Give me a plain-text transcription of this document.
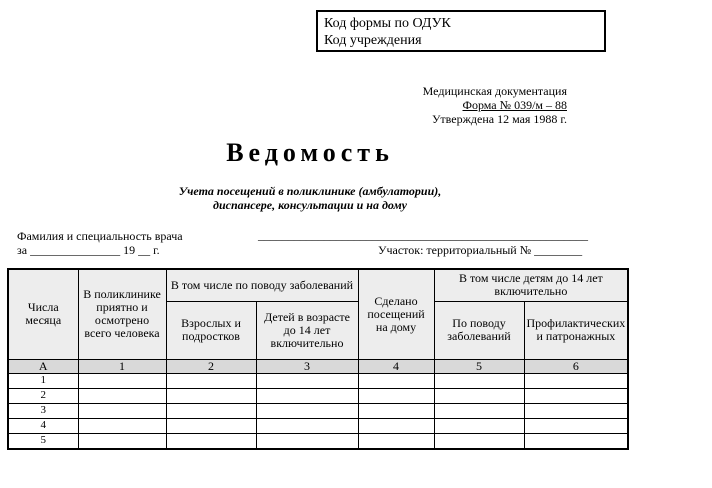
Код формы по ОДУК
Код учреждения
Медицинская документация
Форма № 039/м – 88
Утверждена 12 мая 1988 г.
Ведомость
Учета посещений в поликлинике (амбулатории),
диспансере, консультации и на дому
Фамилия и специальность врача	_______________________________________________________
за _______________ 19 __ г.	Участок: территориальный № ________
Числа месяца	В поликлинике приятно и осмотрено всего человека	В том числе по поводу заболеваний		Сделано посещений на дому	В том числе детям до 14 лет включительно	
		Взрослых и подростков	Детей в возрасте до 14 лет включительно		По поводу заболеваний	Профилактических и патронажных
А	1	2	3	4	5	6
1						
2						
3						
4						
5						
